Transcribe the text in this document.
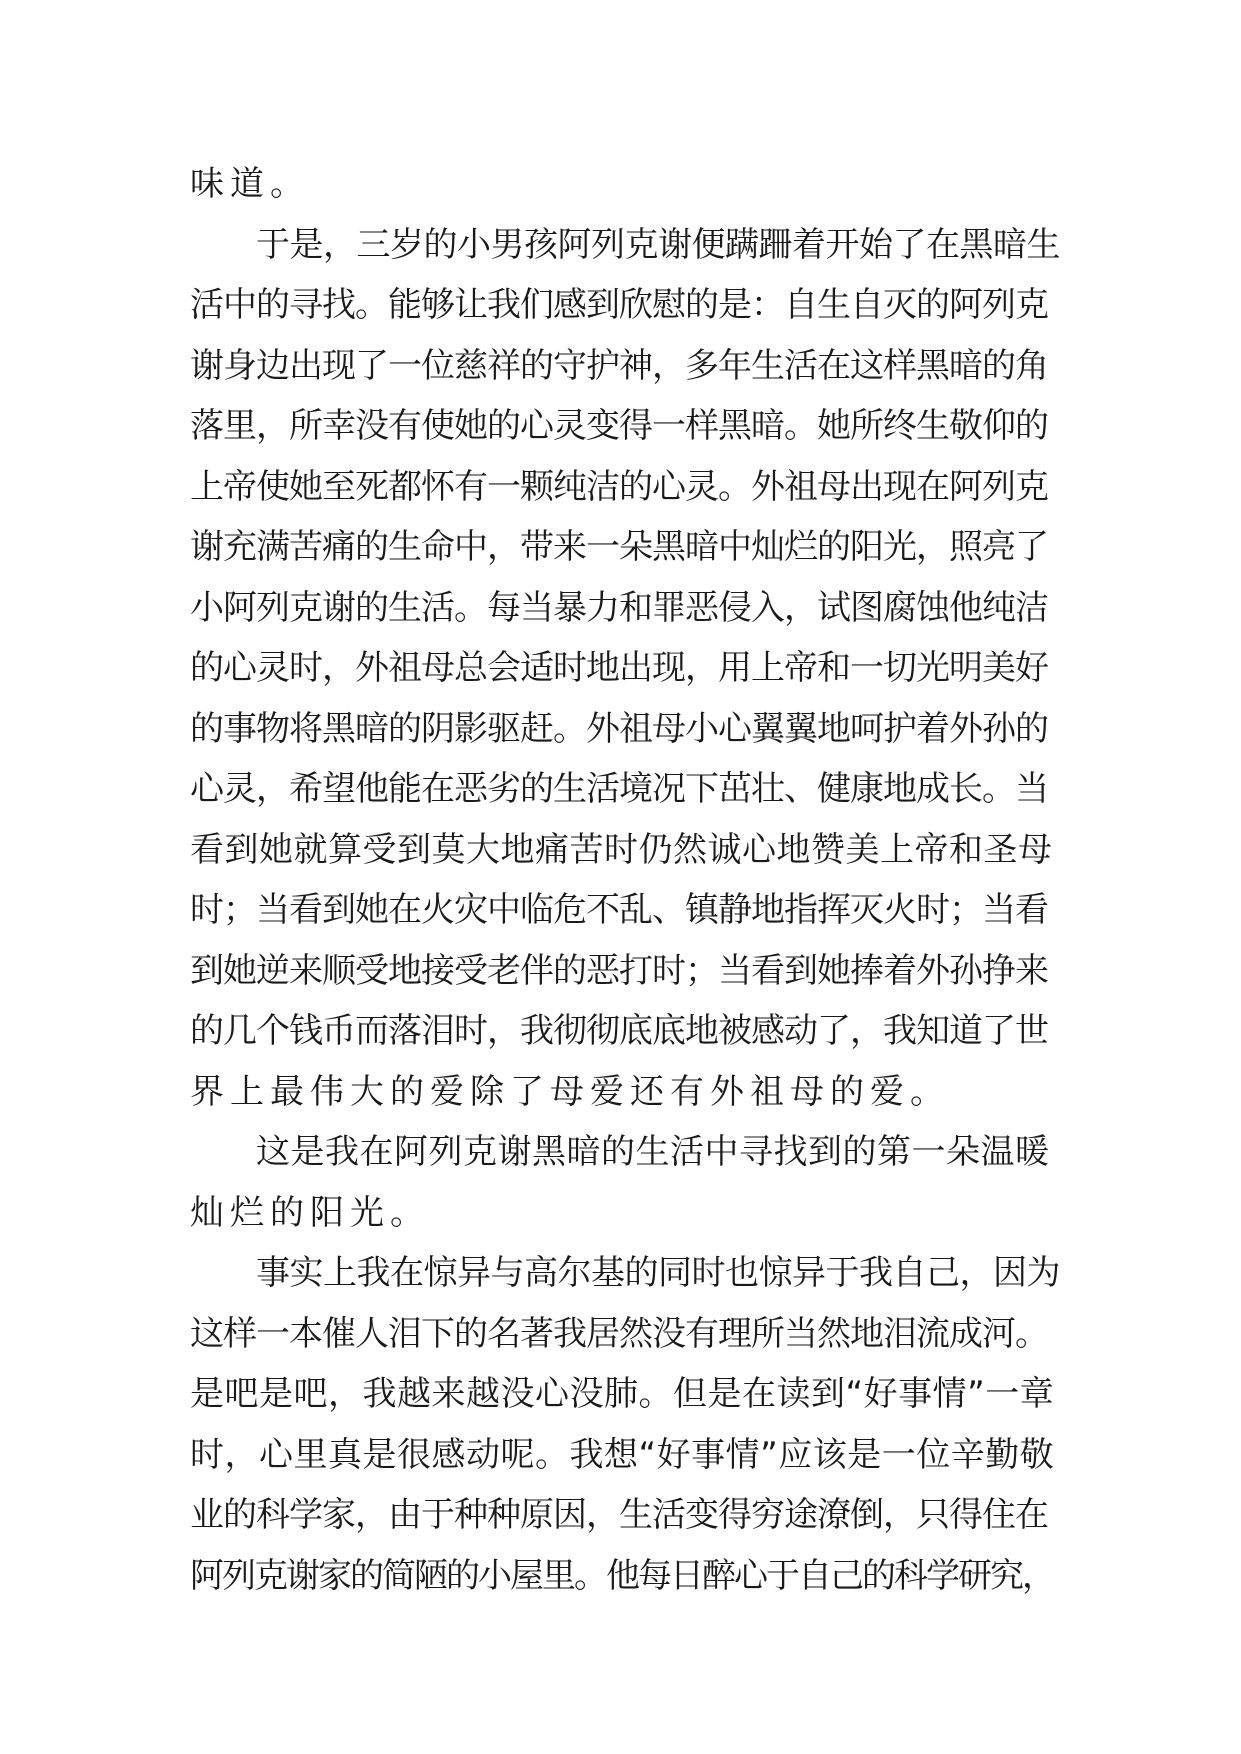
味道。
于是，三岁的小男孩阿列克谢便蹒跚着开始了在黑暗生
活中的寻找。能够让我们感到欣慰的是：自生自灭的阿列克
谢身边出现了一位慈祥的守护神，多年生活在这样黑暗的角
落里，所幸没有使她的心灵变得一样黑暗。她所终生敬仰的
上帝使她至死都怀有一颗纯洁的心灵。外祖母出现在阿列克
谢充满苦痛的生命中，带来一朵黑暗中灿烂的阳光，照亮了
小阿列克谢的生活。每当暴力和罪恶侵入，试图腐蚀他纯洁
的心灵时，外祖母总会适时地出现，用上帝和一切光明美好
的事物将黑暗的阴影驱赶。外祖母小心翼翼地呵护着外孙的
心灵，希望他能在恶劣的生活境况下茁壮、健康地成长。当
看到她就算受到莫大地痛苦时仍然诚心地赞美上帝和圣母
时；当看到她在火灾中临危不乱、镇静地指挥灭火时；当看
到她逆来顺受地接受老伴的恶打时；当看到她捧着外孙挣来
的几个钱币而落泪时，我彻彻底底地被感动了，我知道了世
界上最伟大的爱除了母爱还有外祖母的爱。
这是我在阿列克谢黑暗的生活中寻找到的第一朵温暖
灿烂的阳光。
事实上我在惊异与高尔基的同时也惊异于我自己，因为
这样一本催人泪下的名著我居然没有理所当然地泪流成河。
是吧是吧，我越来越没心没肺。但是在读到“好事情”一章
时，心里真是很感动呢。我想“好事情”应该是一位辛勤敬
业的科学家，由于种种原因，生活变得穷途潦倒，只得住在
阿列克谢家的简陋的小屋里。他每日醉心于自己的科学研究，
